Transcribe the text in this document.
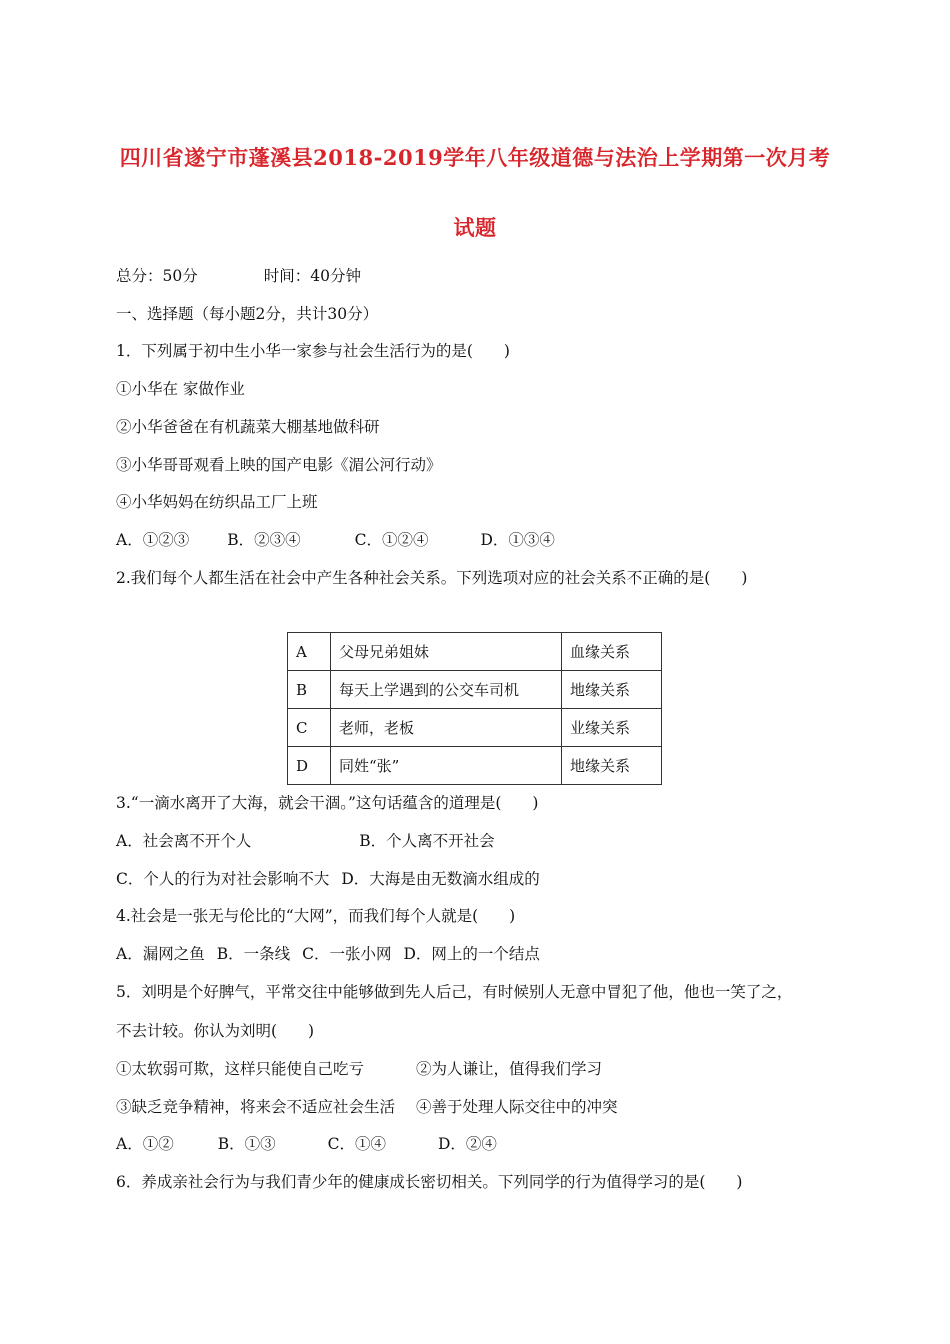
四川省遂宁市蓬溪县2018-2019学年八年级道德与法治上学期第一次月考
试题
总分：50分	时间：40分钟
一、选择题（每小题2分，共计30分）
1．下列属于初中生小华一家参与社会生活行为的是(　　)
①小华在 家做作业
②小华爸爸在有机蔬菜大棚基地做科研
③小华哥哥观看上映的国产电影《湄公河行动》
④小华妈妈在纺织品工厂上班
A．①②③ B．②③④	C．①②④	D．①③④
2.我们每个人都生活在社会中产生各种社会关系。下列选项对应的社会关系不正确的是(　　)
A	父母兄弟姐妹	血缘关系
B	每天上学遇到的公交车司机	地缘关系
C	老师，老板	业缘关系
D	同姓“张”	地缘关系
3.“一滴水离开了大海，就会干涸。”这句话蕴含的道理是(　　)
A．社会离不开个人	B．个人离不开社会
C．个人的行为对社会影响不大 D．大海是由无数滴水组成的
4.社会是一张无与伦比的“大网”，而我们每个人就是(　　)
A．漏网之鱼 B．一条线 C．一张小网 D．网上的一个结点
5．刘明是个好脾气，平常交往中能够做到先人后己，有时候别人无意中冒犯了他，他也一笑了之，
不去计较。你认为刘明(　　)
①太软弱可欺，这样只能使自己吃亏	②为人谦让，值得我们学习
③缺乏竞争精神，将来会不适应社会生活 ④善于处理人际交往中的冲突
A．①②	B．①③	C．①④	D．②④
6．养成亲社会行为与我们青少年的健康成长密切相关。下列同学的行为值得学习的是(　　)
